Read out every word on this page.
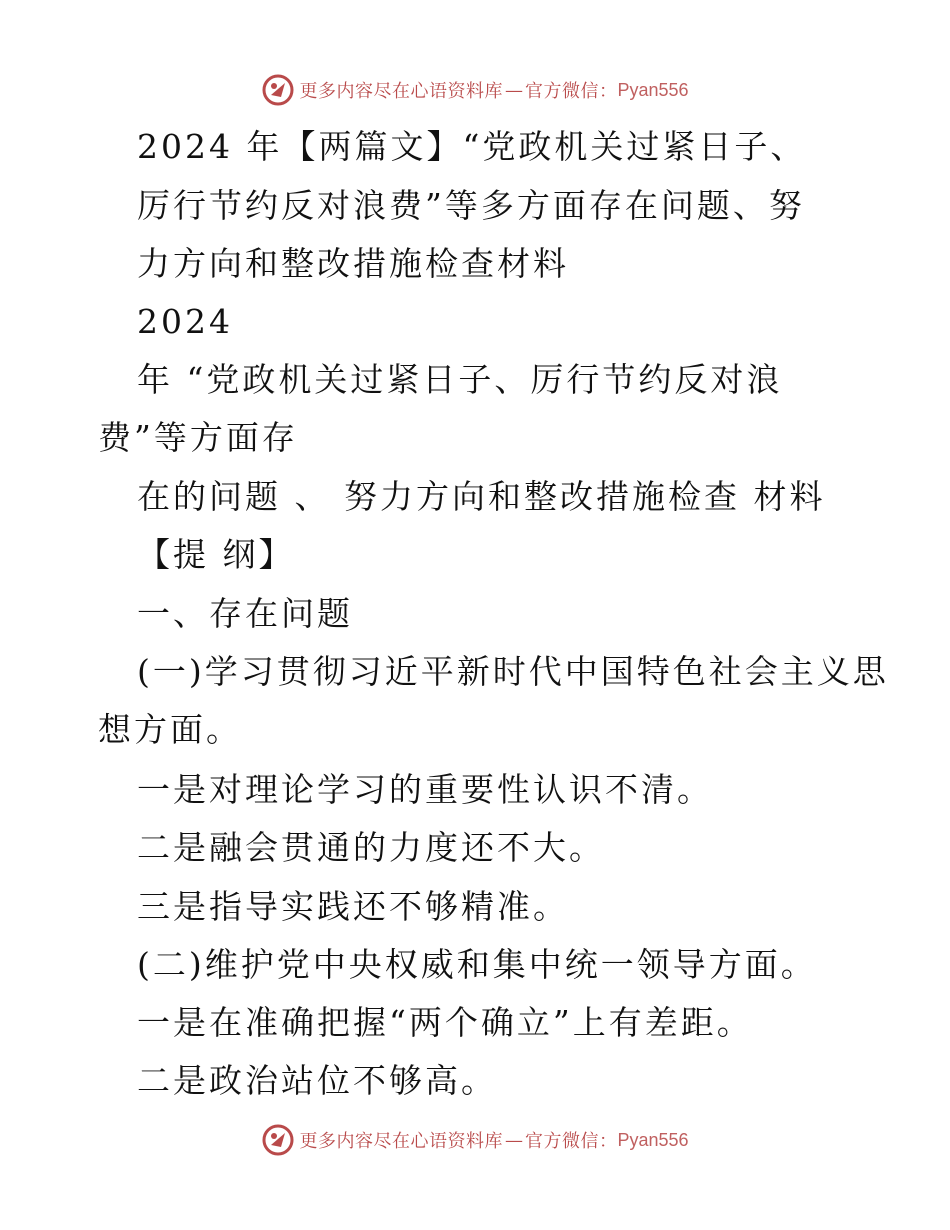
更多内容尽在心语资料库 — 官方微信： Pyan556
2024 年【两篇文】“党政机关过紧日子、
厉行节约反对浪费”等多方面存在问题、努
力方向和整改措施检查材料
2024
年 “党政机关过紧日子、厉行节约反对浪
费”等方面存
在的问题 、 努力方向和整改措施检查 材料
【提 纲】
一、存在问题
(一)学习贯彻习近平新时代中国特色社会主义思
想方面。
一是对理论学习的重要性认识不清。
二是融会贯通的力度还不大。
三是指导实践还不够精准。
(二)维护党中央权威和集中统一领导方面。
一是在准确把握“两个确立”上有差距。
二是政治站位不够高。
更多内容尽在心语资料库 — 官方微信： Pyan556
